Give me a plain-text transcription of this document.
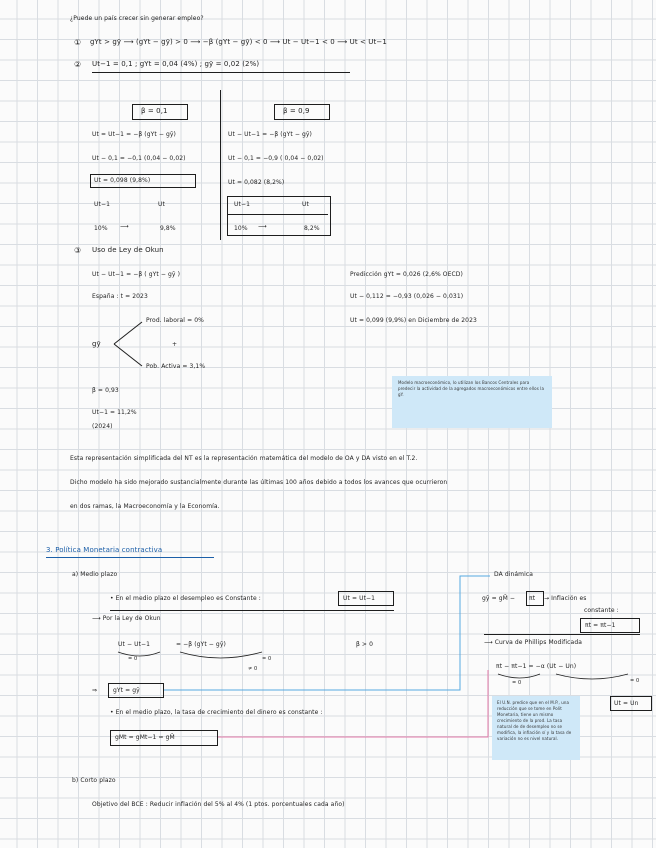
¿Puede un país crecer sin generar empleo?
① gYt > gȳ ⟶ (gYt − gȳ) > 0 ⟶ −β (gYt − gȳ) < 0 ⟶ Ut − Ut−1 < 0 ⟶ Ut < Ut−1
② Ut−1 = 0,1 ; gYt = 0,04 (4%) ; gȳ = 0,02 (2%)
β = 0,1	β = 0,9
Ut = Ut−1 = −β (gYt − gȳ)
Ut − 0,1 = −0,1 (0,04 − 0,02)
Ut = 0,098 (9,8%)
Ut−1	Ut
10% ⟶	9,8%
Ut − Ut−1 = −β (gYt − gȳ)
Ut − 0,1 = −0,9 ( 0,04 − 0,02)
Ut = 0,082 (8,2%)
Ut−1	Ut
10% ⟶	8,2%
③ Uso de Ley de Okun
Ut − Ut−1 = −β ( gYt − gȳ )
España : t = 2023
gȳ
Prod. laboral = 0%
+
Pob. Activa = 3,1%
β = 0,93
Ut−1 = 11,2%
(2024)
Predicción gYt = 0,026 (2,6% OECD)
Ut − 0,112 = −0,93 (0,026 − 0,031)
Ut = 0,099 (9,9%) en Diciembre de 2023
Modelo macroeconómico, lo utilizan los Bancos Centrales para predecir la actividad de la agregados macroeconómicos entre ellos la gY.
Esta representación simplificada del NT es la representación matemática del modelo de OA y DA visto en el T.2.
Dicho modelo ha sido mejorado sustancialmente durante las últimas 100 años debido a todos los avances que ocurrieron
en dos ramas, la Macroeconomía y la Economía.
3. Política Monetaria contractiva
a) Medio plazo
• En el medio plazo el desempleo es Constante :	Ut = Ut−1
⟶ Por la Ley de Okun
Ut − Ut−1	= −β (gYt − gȳ)
= 0	= 0
≠ 0
β > 0
⇒	gYt = gȳ
• En el medio plazo, la tasa de crecimiento del dinero es constante :
gMt = gMt−1 = gM̄
DA dinámica
gȳ = gM̄ − πt → Inflación es
constante :
πt = πt−1
⟶ Curva de Phillips Modificada
πt − πt−1 = −α (Ut − Un)
= 0	= 0
Ut = Un
El U.N. predice que en el M.P., una reducción que se tome en Polit Monetaria, tiene un mismo crecimiento de la prod. La tasa natural de de desempleo no se modifica, la inflación sí y la tasa de variación no es nivel natural.
b) Corto plazo
Objetivo del BCE : Reducir inflación del 5% al 4% (1 ptos. porcentuales cada año)
